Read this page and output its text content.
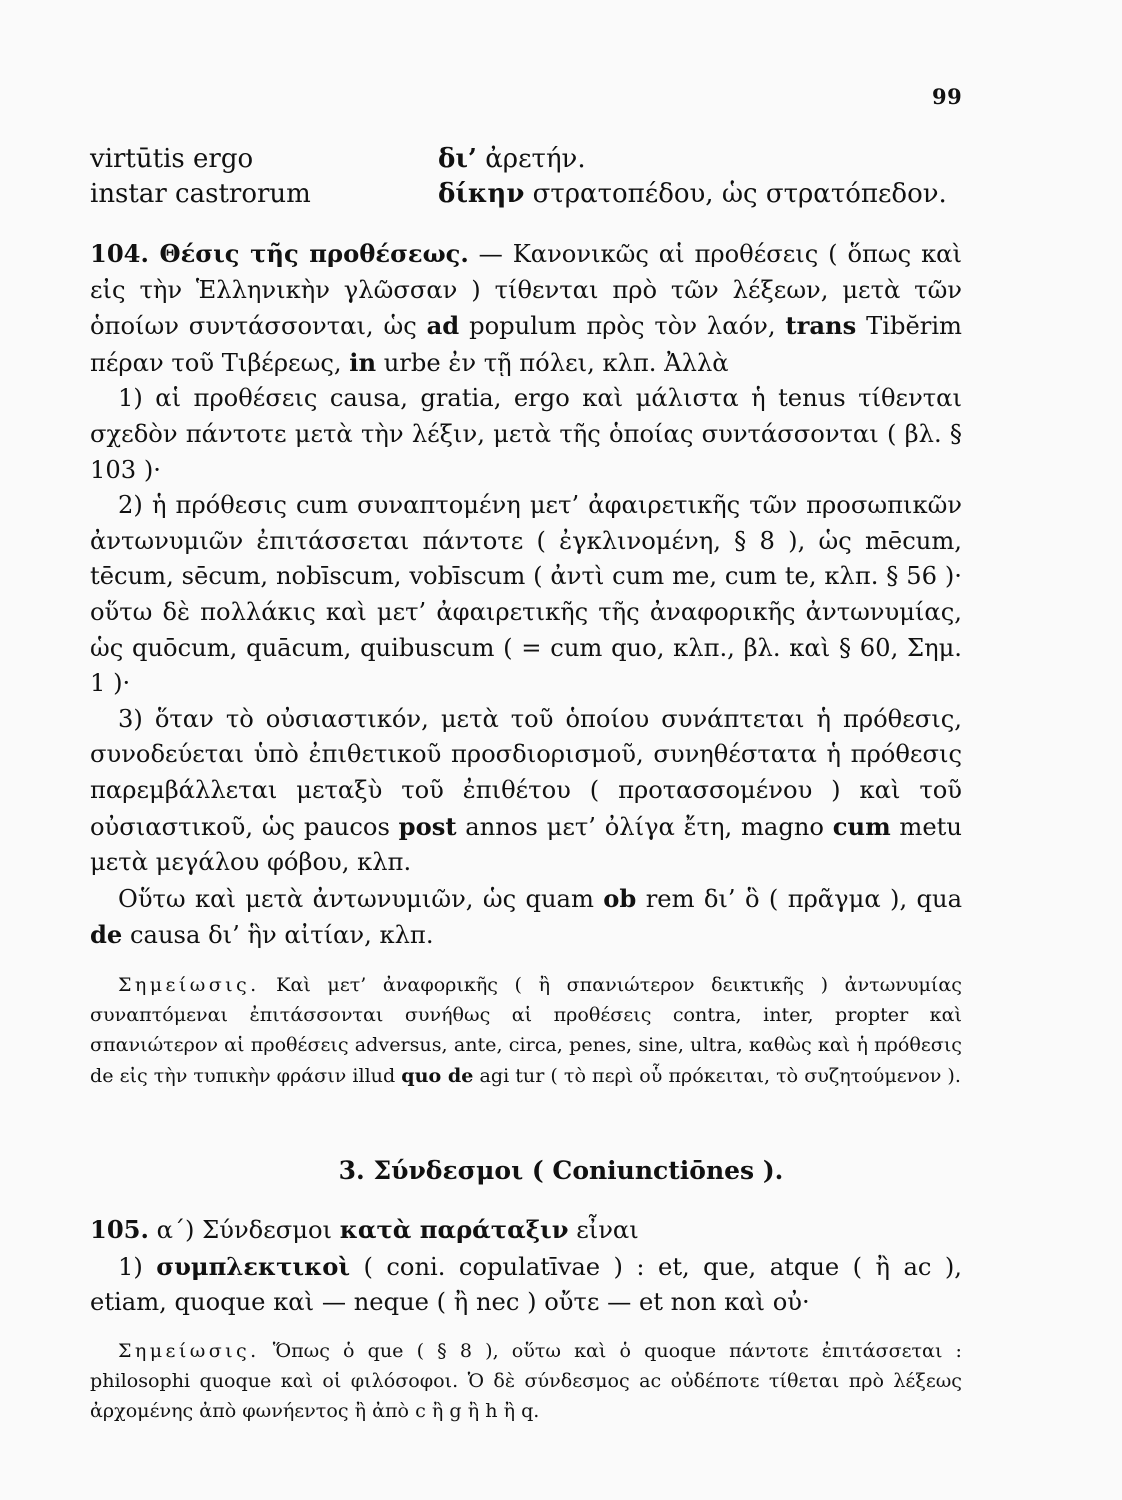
99
virtūtis ergo	δι’ ἀρετήν.
instar castrorum	δίκην στρατοπέδου, ὡς στρατόπεδον.

104. Θέσις τῆς προθέσεως. — Κανονικῶς αἱ προθέσεις ( ὅπως καὶ εἰς τὴν Ἑλληνικὴν γλῶσσαν ) τίθενται πρὸ τῶν λέξεων, μετὰ τῶν ὁποίων συντάσσονται, ὡς ad populum πρὸς τὸν λαόν, trans Tibĕrim πέραν τοῦ Τιβέρεως, in urbe ἐν τῇ πόλει, κλπ. Ἀλλὰ

1) αἱ προθέσεις causa, gratia, ergo καὶ μάλιστα ἡ tenus τίθενται σχεδὸν πάντοτε μετὰ τὴν λέξιν, μετὰ τῆς ὁποίας συντάσσονται ( βλ. § 103 )·

2) ἡ πρόθεσις cum συναπτομένη μετ’ ἀφαιρετικῆς τῶν προσωπικῶν ἀντωνυμιῶν ἐπιτάσσεται πάντοτε ( ἐγκλινομένη, § 8 ), ὡς mēcum, tēcum, sēcum, nobīscum, vobīscum ( ἀντὶ cum me, cum te, κλπ. § 56 )· οὕτω δὲ πολλάκις καὶ μετ’ ἀφαιρετικῆς τῆς ἀναφορικῆς ἀντωνυμίας, ὡς quōcum, quācum, quibuscum ( = cum quo, κλπ., βλ. καὶ § 60, Σημ. 1 )·

3) ὅταν τὸ οὐσιαστικόν, μετὰ τοῦ ὁποίου συνάπτεται ἡ πρόθεσις, συνοδεύεται ὑπὸ ἐπιθετικοῦ προσδιορισμοῦ, συνηθέστατα ἡ πρόθεσις παρεμβάλλεται μεταξὺ τοῦ ἐπιθέτου ( προτασσομένου ) καὶ τοῦ οὐσιαστικοῦ, ὡς paucos post annos μετ’ ὀλίγα ἔτη, magno cum metu μετὰ μεγάλου φόβου, κλπ.

Οὕτω καὶ μετὰ ἀντωνυμιῶν, ὡς quam ob rem δι’ ὃ ( πρᾶγμα ), qua de causa δι’ ἣν αἰτίαν, κλπ.

Σημείωσις. Καὶ μετ’ ἀναφορικῆς ( ἢ σπανιώτερον δεικτικῆς ) ἀντωνυμίας συναπτόμεναι ἐπιτάσσονται συνήθως αἱ προθέσεις contra, inter, propter καὶ σπανιώτερον αἱ προθέσεις adversus, ante, circa, penes, sine, ultra, καθὼς καὶ ἡ πρόθεσις de εἰς τὴν τυπικὴν φράσιν illud quo de agi tur ( τὸ περὶ οὗ πρόκειται, τὸ συζητούμενον ).

3. Σύνδεσμοι ( Coniunctiōnes ).

105. α΄) Σύνδεσμοι κατὰ παράταξιν εἶναι

1) συμπλεκτικοὶ ( coni. copulatīvae ) : et, que, atque ( ἢ ac ), etiam, quoque καὶ — neque ( ἢ nec ) οὔτε — et non καὶ οὐ·

Σημείωσις. Ὅπως ὁ que ( § 8 ), οὕτω καὶ ὁ quoque πάντοτε ἐπιτάσσεται : philosophi quoque καὶ οἱ φιλόσοφοι. Ὁ δὲ σύνδεσμος ac οὐδέποτε τίθεται πρὸ λέξεως ἀρχομένης ἀπὸ φωνήεντος ἢ ἀπὸ c ἢ g ἢ h ἢ q.
